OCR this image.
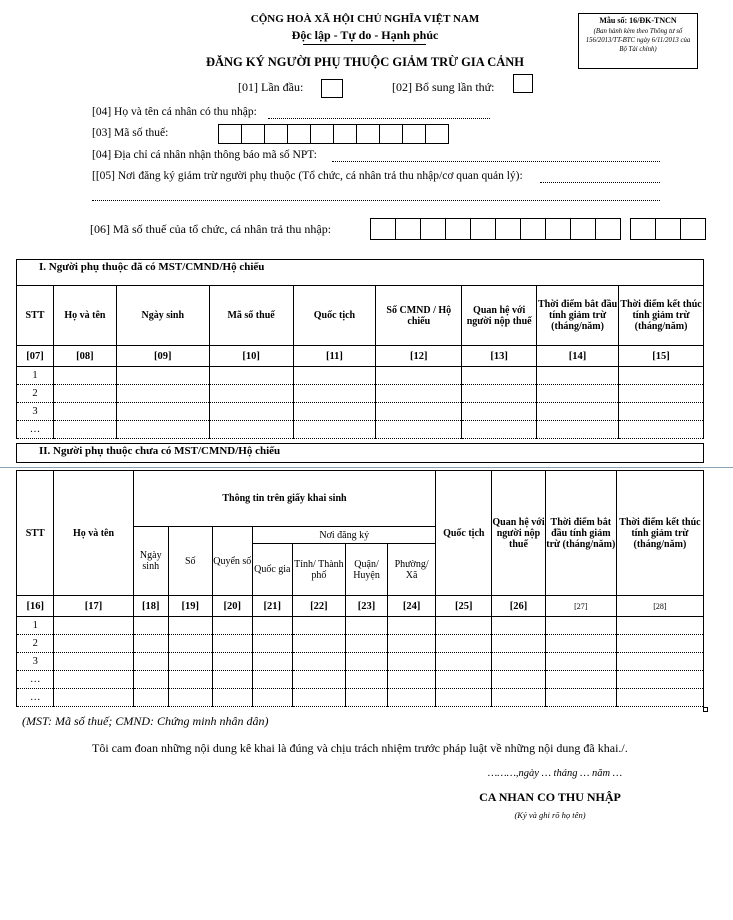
CỘNG HOÀ XÃ HỘI CHỦ NGHĨA VIỆT NAM
Độc lập - Tự do - Hạnh phúc
ĐĂNG KÝ NGƯỜI PHỤ THUỘC GIẢM TRỪ GIA CẢNH
Mẫu số: 16/ĐK-TNCN
(Ban hành kèm theo Thông tư số 156/2013/TT-BTC ngày 6/11/2013 của Bộ Tài chính)
[01] Lần đầu:	[02] Bổ sung lần thứ:
[04] Họ và tên cá nhân có thu nhập:
[03] Mã số thuế:
[04] Địa chỉ cá nhân nhận thông báo mã số NPT:
[[05] Nơi đăng ký giảm trừ người phụ thuộc (Tổ chức, cá nhân trả thu nhập/cơ quan quản lý):
[06] Mã số thuế của tổ chức, cá nhân trả thu nhập:
I. Người phụ thuộc đã có MST/CMND/Hộ chiếu
STT	Họ và tên	Ngày sinh	Mã số thuế	Quốc tịch	Số CMND / Hộ chiếu	Quan hệ với người nộp thuế	Thời điểm bắt đầu tính giảm trừ (tháng/năm)	Thời điểm kết thúc tính giảm trừ (tháng/năm)
[07]	[08]	[09]	[10]	[11]	[12]	[13]	[14]	[15]
1								
2								
3								
…								
II. Người phụ thuộc chưa có MST/CMND/Hộ chiếu
STT	Họ và tên	Thông tin trên giấy khai sinh							Quốc tịch	Quan hệ với người nộp thuế	Thời điểm bắt đầu tính giảm trừ (tháng/năm)	Thời điểm kết thúc tính giảm trừ (tháng/năm)
		Ngày sinh	Số	Quyển số	Nơi đăng ký							
					Quốc gia	Tỉnh/ Thành phố	Quận/ Huyện	Phường/ Xã				
[16]	[17]	[18]	[19]	[20]	[21]	[22]	[23]	[24]	[25]	[26]	[27]	[28]
1												
2												
3												
…												
…												
(MST: Mã số thuế; CMND: Chứng minh nhân dân)
Tôi cam đoan những nội dung kê khai là đúng và chịu trách nhiệm trước pháp luật về những nội dung đã khai./.
………,ngày … tháng … năm …
CA NHAN CO THU NHẬP
(Ký và ghi rõ họ tên)
